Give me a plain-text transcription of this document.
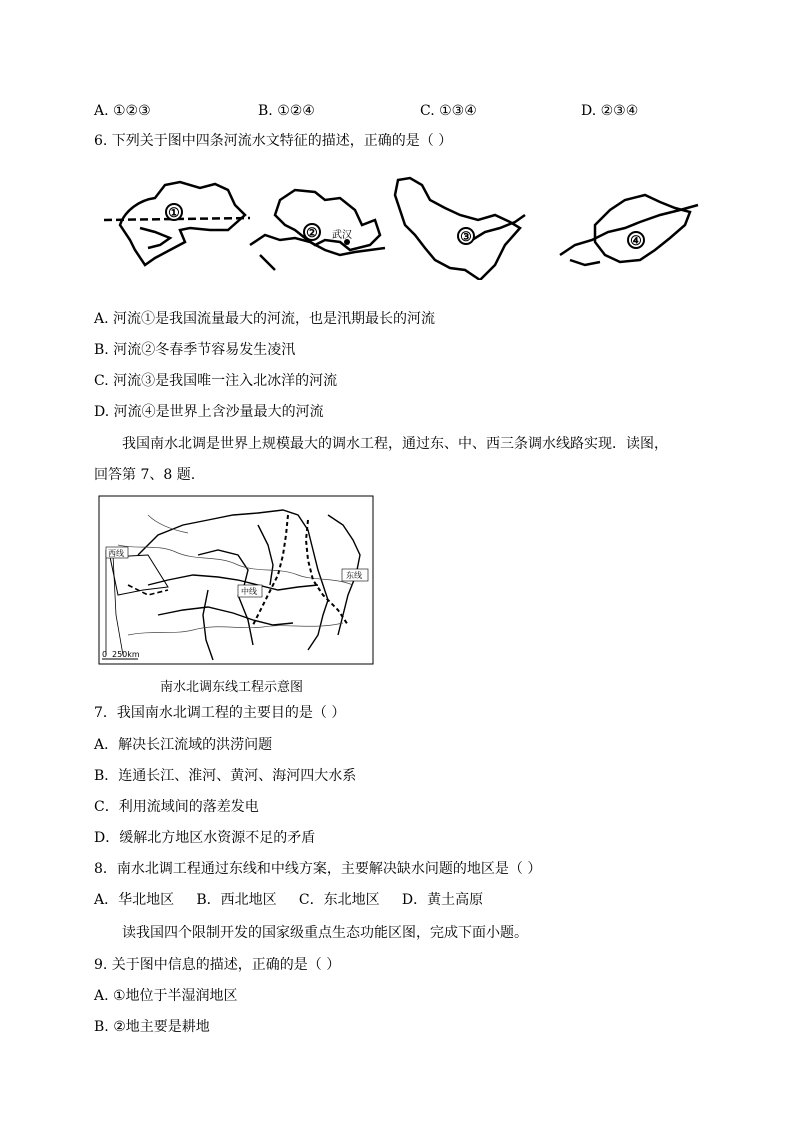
A. ①②③	B. ①②④	C. ①③④	D. ②③④
6. 下列关于图中四条河流水文特征的描述，正确的是（ ）
①
② 武汉	③	④
A. 河流①是我国流量最大的河流，也是汛期最长的河流
B. 河流②冬春季节容易发生凌汛
C. 河流③是我国唯一注入北冰洋的河流
D. 河流④是世界上含沙量最大的河流
我国南水北调是世界上规模最大的调水工程，通过东、中、西三条调水线路实现．读图，
回答第 7、8 题.
西线
中线
东线
0 250km
南水北调东线工程示意图
7．我国南水北调工程的主要目的是（ ）
A．解决长江流域的洪涝问题
B．连通长江、淮河、黄河、海河四大水系
C．利用流域间的落差发电
D．缓解北方地区水资源不足的矛盾
8．南水北调工程通过东线和中线方案，主要解决缺水问题的地区是（ ）
A．华北地区     B．西北地区     C．东北地区     D．黄土高原
读我国四个限制开发的国家级重点生态功能区图，完成下面小题。
9. 关于图中信息的描述，正确的是（ ）
A. ①地位于半湿润地区
B. ②地主要是耕地
